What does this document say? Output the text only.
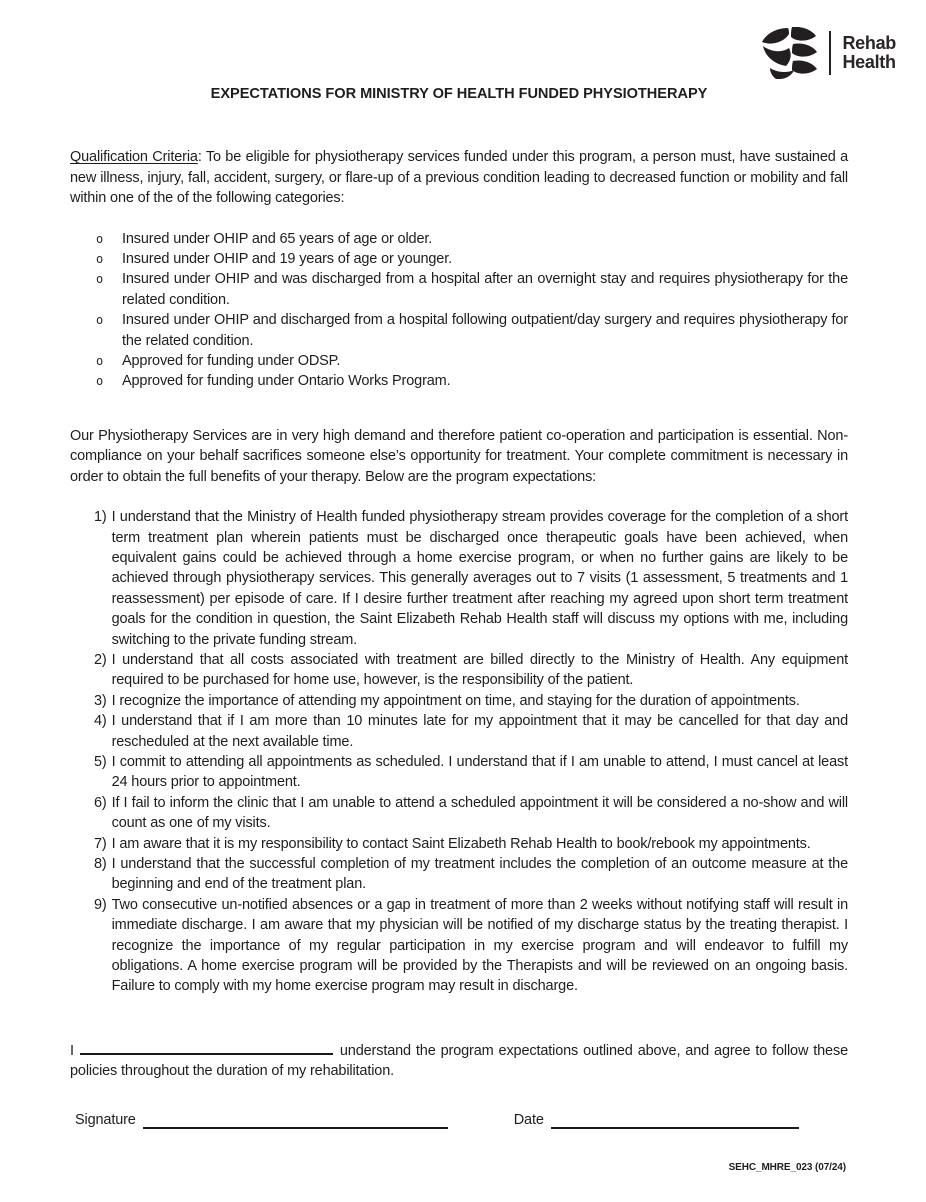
Rehab
Health
EXPECTATIONS FOR MINISTRY OF HEALTH FUNDED PHYSIOTHERAPY

Qualification Criteria: To be eligible for physiotherapy services funded under this program, a person must, have sustained a new illness, injury, fall, accident, surgery, or flare-up of a previous condition leading to decreased function or mobility and fall within one of the of the following categories:

o	Insured under OHIP and 65 years of age or older.
o	Insured under OHIP and 19 years of age or younger.
o	Insured under OHIP and was discharged from a hospital after an overnight stay and requires physiotherapy for the related condition.
o	Insured under OHIP and discharged from a hospital following outpatient/day surgery and requires physiotherapy for the related condition.
o	Approved for funding under ODSP.
o	Approved for funding under Ontario Works Program.

Our Physiotherapy Services are in very high demand and therefore patient co-operation and participation is essential. Non-compliance on your behalf sacrifices someone else’s opportunity for treatment. Your complete commitment is necessary in order to obtain the full benefits of your therapy. Below are the program expectations:

1) I understand that the Ministry of Health funded physiotherapy stream provides coverage for the completion of a short term treatment plan wherein patients must be discharged once therapeutic goals have been achieved, when equivalent gains could be achieved through a home exercise program, or when no further gains are likely to be achieved through physiotherapy services. This generally averages out to 7 visits (1 assessment, 5 treatments and 1 reassessment) per episode of care. If I desire further treatment after reaching my agreed upon short term treatment goals for the condition in question, the Saint Elizabeth Rehab Health staff will discuss my options with me, including switching to the private funding stream.
2) I understand that all costs associated with treatment are billed directly to the Ministry of Health. Any equipment required to be purchased for home use, however, is the responsibility of the patient.
3) I recognize the importance of attending my appointment on time, and staying for the duration of appointments.
4) I understand that if I am more than 10 minutes late for my appointment that it may be cancelled for that day and rescheduled at the next available time.
5) I commit to attending all appointments as scheduled. I understand that if I am unable to attend, I must cancel at least 24 hours prior to appointment.
6) If I fail to inform the clinic that I am unable to attend a scheduled appointment it will be considered a no-show and will count as one of my visits.
7) I am aware that it is my responsibility to contact Saint Elizabeth Rehab Health to book/rebook my appointments.
8) I understand that the successful completion of my treatment includes the completion of an outcome measure at the beginning and end of the treatment plan.
9) Two consecutive un-notified absences or a gap in treatment of more than 2 weeks without notifying staff will result in immediate discharge. I am aware that my physician will be notified of my discharge status by the treating therapist. I recognize the importance of my regular participation in my exercise program and will endeavor to fulfill my obligations. A home exercise program will be provided by the Therapists and will be reviewed on an ongoing basis. Failure to comply with my home exercise program may result in discharge.

I	understand the program expectations outlined above, and agree to follow these policies throughout the duration of my rehabilitation.

Signature	Date
SEHC_MHRE_023 (07/24)
